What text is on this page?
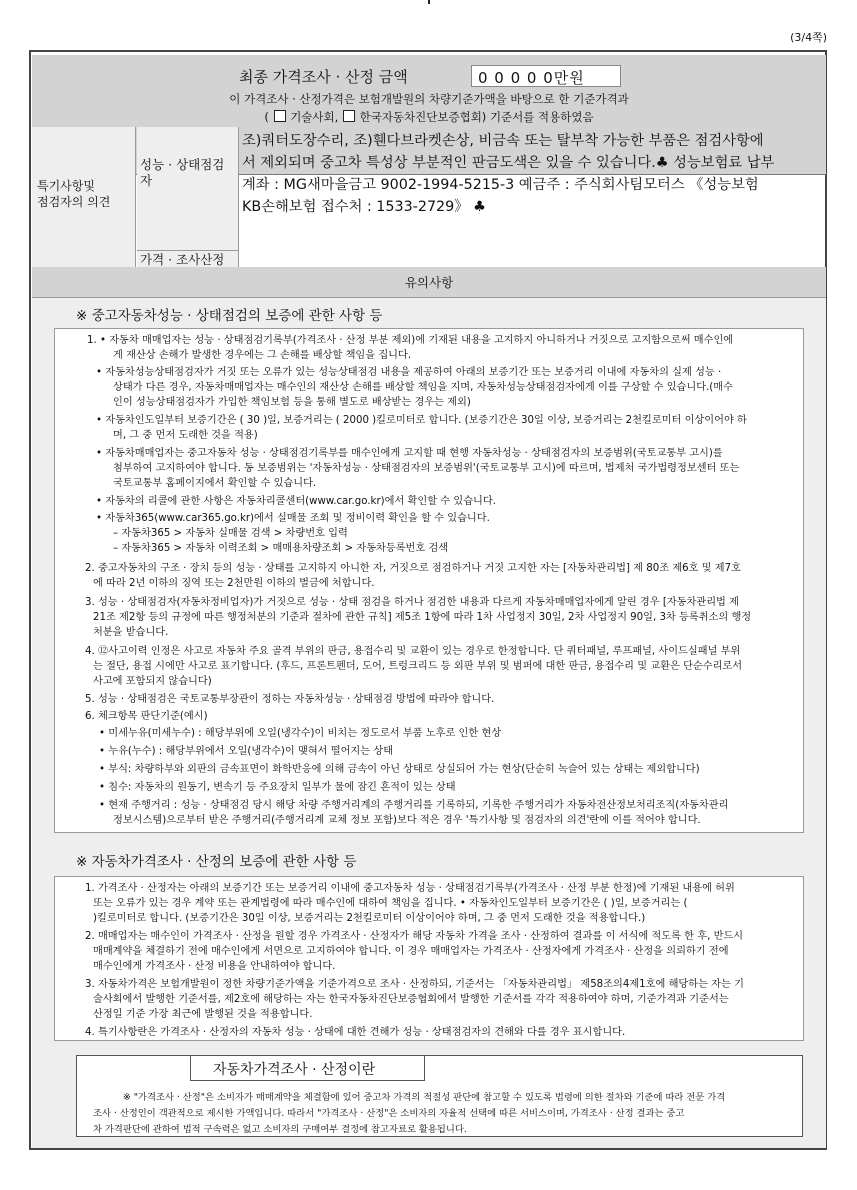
(3/4쪽)
최종 가격조사 · 산정 금액	0 0 0 0 0만원
이 가격조사 · 산정가격은 보험개발원의 차량기준가액을 바탕으로 한 기준가격과
( 기술사회, 한국자동차진단보증협회) 기준서를 적용하였음
특기사항및
점검자의 의견
성능 · 상태점검
자
조)쿼터도장수리, 조)휀다브라켓손상, 비금속 또는 탈부착 가능한 부품은 점검사항에
서 제외되며 중고차 특성상 부분적인 판금도색은 있을 수 있습니다.♣ 성능보험료 납부
계좌 : MG새마을금고 9002-1994-5215-3 예금주 : 주식회사팀모터스 《성능보험
KB손해보험 접수처 : 1533-2729》 ♣
가격 · 조사산정
유의사항
※ 중고자동차성능 · 상태점검의 보증에 관한 사항 등
1. • 자동차 매매업자는 성능 · 상태점검기록부(가격조사 · 산정 부분 제외)에 기재된 내용을 고지하지 아니하거나 거짓으로 고지함으로써 매수인에
게 재산상 손해가 발생한 경우에는 그 손해를 배상할 책임을 집니다.
• 자동차성능상태점검자가 거짓 또는 오류가 있는 성능상태점검 내용을 제공하여 아래의 보증기간 또는 보증거리 이내에 자동차의 실제 성능 ·
상태가 다른 경우, 자동차매매업자는 매수인의 재산상 손해를 배상할 책임을 지며, 자동차성능상태점검자에게 이를 구상할 수 있습니다.(매수
인이 성능상태점검자가 가입한 책임보험 등을 통해 별도로 배상받는 경우는 제외)
• 자동차인도일부터 보증기간은 ( 30 )일, 보증거리는 ( 2000 )킬로미터로 합니다. (보증기간은 30일 이상, 보증거리는 2천킬로미터 이상이어야 하
며, 그 중 먼저 도래한 것을 적용)
• 자동차매매업자는 중고자동차 성능 · 상태점검기록부를 매수인에게 고지할 때 현행 자동차성능 · 상태점검자의 보증범위(국토교통부 고시)를
첨부하여 고지하여야 합니다. 동 보증범위는 '자동차성능 · 상태점검자의 보증범위'(국토교통부 고시)에 따르며, 법제처 국가법령정보센터 또는
국토교통부 홈페이지에서 확인할 수 있습니다.
• 자동차의 리콜에 관한 사항은 자동차리콜센터(www.car.go.kr)에서 확인할 수 있습니다.
• 자동차365(www.car365.go.kr)에서 실매물 조회 및 정비이력 확인을 할 수 있습니다.
– 자동차365 > 자동차 실매물 검색 > 차량번호 입력
– 자동차365 > 자동차 이력조회 > 매매용차량조회 > 자동차등록번호 검색
2. 중고자동차의 구조 · 장치 등의 성능 · 상태를 고지하지 아니한 자, 거짓으로 점검하거나 거짓 고지한 자는 [자동차관리법] 제 80조 제6호 및 제7호
에 따라 2년 이하의 징역 또는 2천만원 이하의 벌금에 처합니다.
3. 성능 · 상태점검자(자동차정비업자)가 거짓으로 성능 · 상태 점검을 하거나 점검한 내용과 다르게 자동차매매업자에게 알린 경우 [자동차관리법 제
21조 제2항 등의 규정에 따른 행정처분의 기준과 절차에 관한 규칙] 제5조 1항에 따라 1차 사업정지 30일, 2차 사업정지 90일, 3차 등록취소의 행정
처분을 받습니다.
4. ⑫사고이력 인정은 사고로 자동차 주요 골격 부위의 판금, 용접수리 및 교환이 있는 경우로 한정합니다. 단 쿼터패널, 루프패널, 사이드실패널 부위
는 절단, 용접 시에만 사고로 표기합니다. (후드, 프론트펜더, 도어, 트렁크리드 등 외판 부위 및 범퍼에 대한 판금, 용접수리 및 교환은 단순수리로서
사고에 포함되지 않습니다)
5. 성능 · 상태점검은 국토교통부장관이 정하는 자동차성능 · 상태점검 방법에 따라야 합니다.
6. 체크항목 판단기준(예시)
• 미세누유(미세누수) : 해당부위에 오일(냉각수)이 비치는 정도로서 부품 노후로 인한 현상
• 누유(누수) : 해당부위에서 오일(냉각수)이 맺혀서 떨어지는 상태
• 부식: 차량하부와 외판의 금속표면이 화학반응에 의해 금속이 아닌 상태로 상실되어 가는 현상(단순히 녹슬어 있는 상태는 제외합니다)
• 침수: 자동차의 원동기, 변속기 등 주요장치 일부가 물에 잠긴 흔적이 있는 상태
• 현재 주행거리 : 성능 · 상태점검 당시 해당 차량 주행거리계의 주행거리를 기록하되, 기록한 주행거리가 자동차전산정보처리조직(자동차관리
정보시스템)으로부터 받은 주행거리(주행거리계 교체 정보 포함)보다 적은 경우 '특기사항 및 점검자의 의견'란에 이를 적어야 합니다.
※ 자동차가격조사 · 산정의 보증에 관한 사항 등
1. 가격조사 · 산정자는 아래의 보증기간 또는 보증거리 이내에 중고자동차 성능 · 상태점검기록부(가격조사 · 산정 부분 한정)에 기재된 내용에 허위
또는 오류가 있는 경우 계약 또는 관계법령에 따라 매수인에 대하여 책임을 집니다. • 자동차인도일부터 보증기간은 ( )일, 보증거리는 (
)킬로미터로 합니다. (보증기간은 30일 이상, 보증거리는 2천킬로미터 이상이어야 하며, 그 중 먼저 도래한 것을 적용합니다.)
2. 매매업자는 매수인이 가격조사 · 산정을 원할 경우 가격조사 · 산정자가 해당 자동차 가격을 조사 · 산정하여 결과를 이 서식에 적도록 한 후, 반드시
매매계약을 체결하기 전에 매수인에게 서면으로 고지하여야 합니다. 이 경우 매매업자는 가격조사 · 산정자에게 가격조사 · 산정을 의뢰하기 전에
매수인에게 가격조사 · 산정 비용을 안내하여야 합니다.
3. 자동차가격은 보험개발원이 정한 차량기준가액을 기준가격으로 조사 · 산정하되, 기준서는 「자동차관리법」 제58조의4제1호에 해당하는 자는 기
술사회에서 발행한 기준서를, 제2호에 해당하는 자는 한국자동차진단보증협회에서 발행한 기준서를 각각 적용하여야 하며, 기준가격과 기준서는
산정일 기준 가장 최근에 발행된 것을 적용합니다.
4. 특기사항란은 가격조사 · 산정자의 자동차 성능 · 상태에 대한 견해가 성능 · 상태점검자의 견해와 다를 경우 표시합니다.
※ "가격조사 · 산정"은 소비자가 매매계약을 체결함에 있어 중고차 가격의 적절성 판단에 참고할 수 있도록 법령에 의한 절차와 기준에 따라 전문 가격
조사 · 산정인이 객관적으로 제시한 가액입니다. 따라서 "가격조사 · 산정"은 소비자의 자율적 선택에 따른 서비스이며, 가격조사 · 산정 결과는 중고
차 가격판단에 관하여 법적 구속력은 없고 소비자의 구매여부 결정에 참고자료로 활용됩니다.
자동차가격조사 · 산정이란
